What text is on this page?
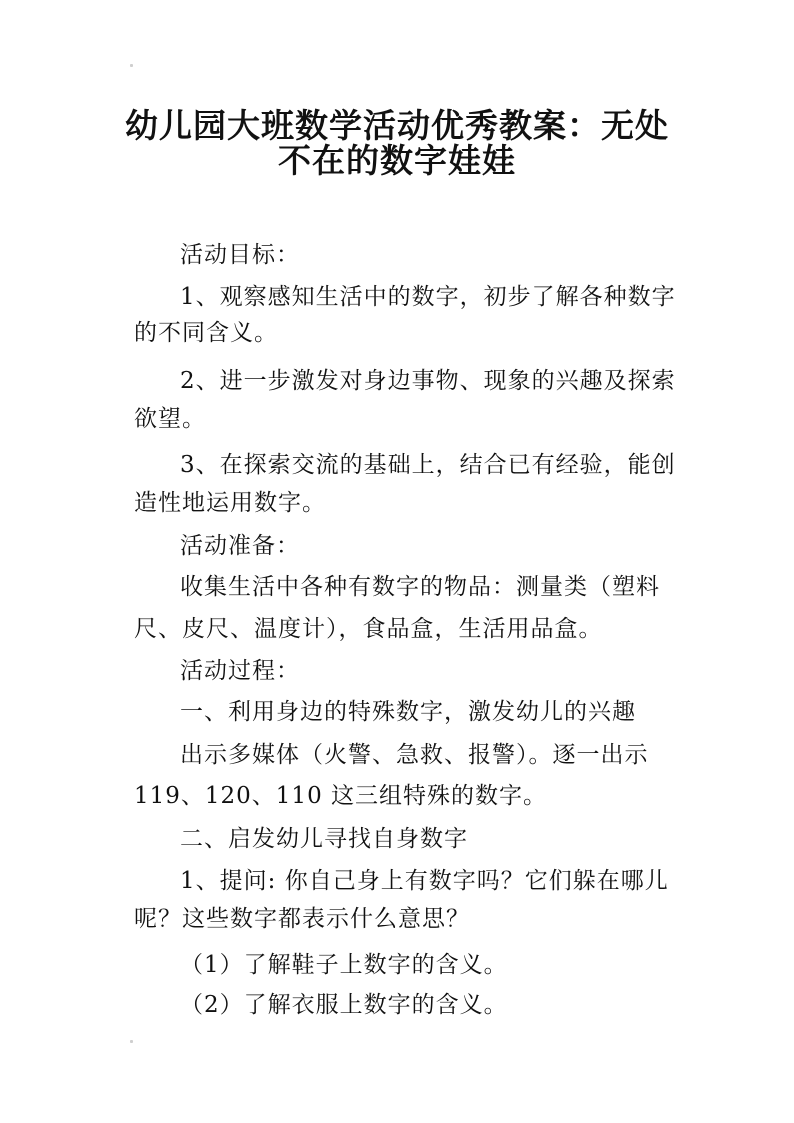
幼儿园大班数学活动优秀教案：无处
不在的数字娃娃

活动目标：

1、观察感知生活中的数字，初步了解各种数字

的不同含义。

2、进一步激发对身边事物、现象的兴趣及探索

欲望。

3、在探索交流的基础上，结合已有经验，能创

造性地运用数字。

活动准备：

收集生活中各种有数字的物品：测量类（塑料

尺、皮尺、温度计），食品盒，生活用品盒。

活动过程：

一、利用身边的特殊数字，激发幼儿的兴趣

出示多媒体（火警、急救、报警）。逐一出示

119、120、110 这三组特殊的数字。

二、启发幼儿寻找自身数字

1、提问: 你自己身上有数字吗？它们躲在哪儿

呢？这些数字都表示什么意思？

（1）了解鞋子上数字的含义。

（2）了解衣服上数字的含义。
